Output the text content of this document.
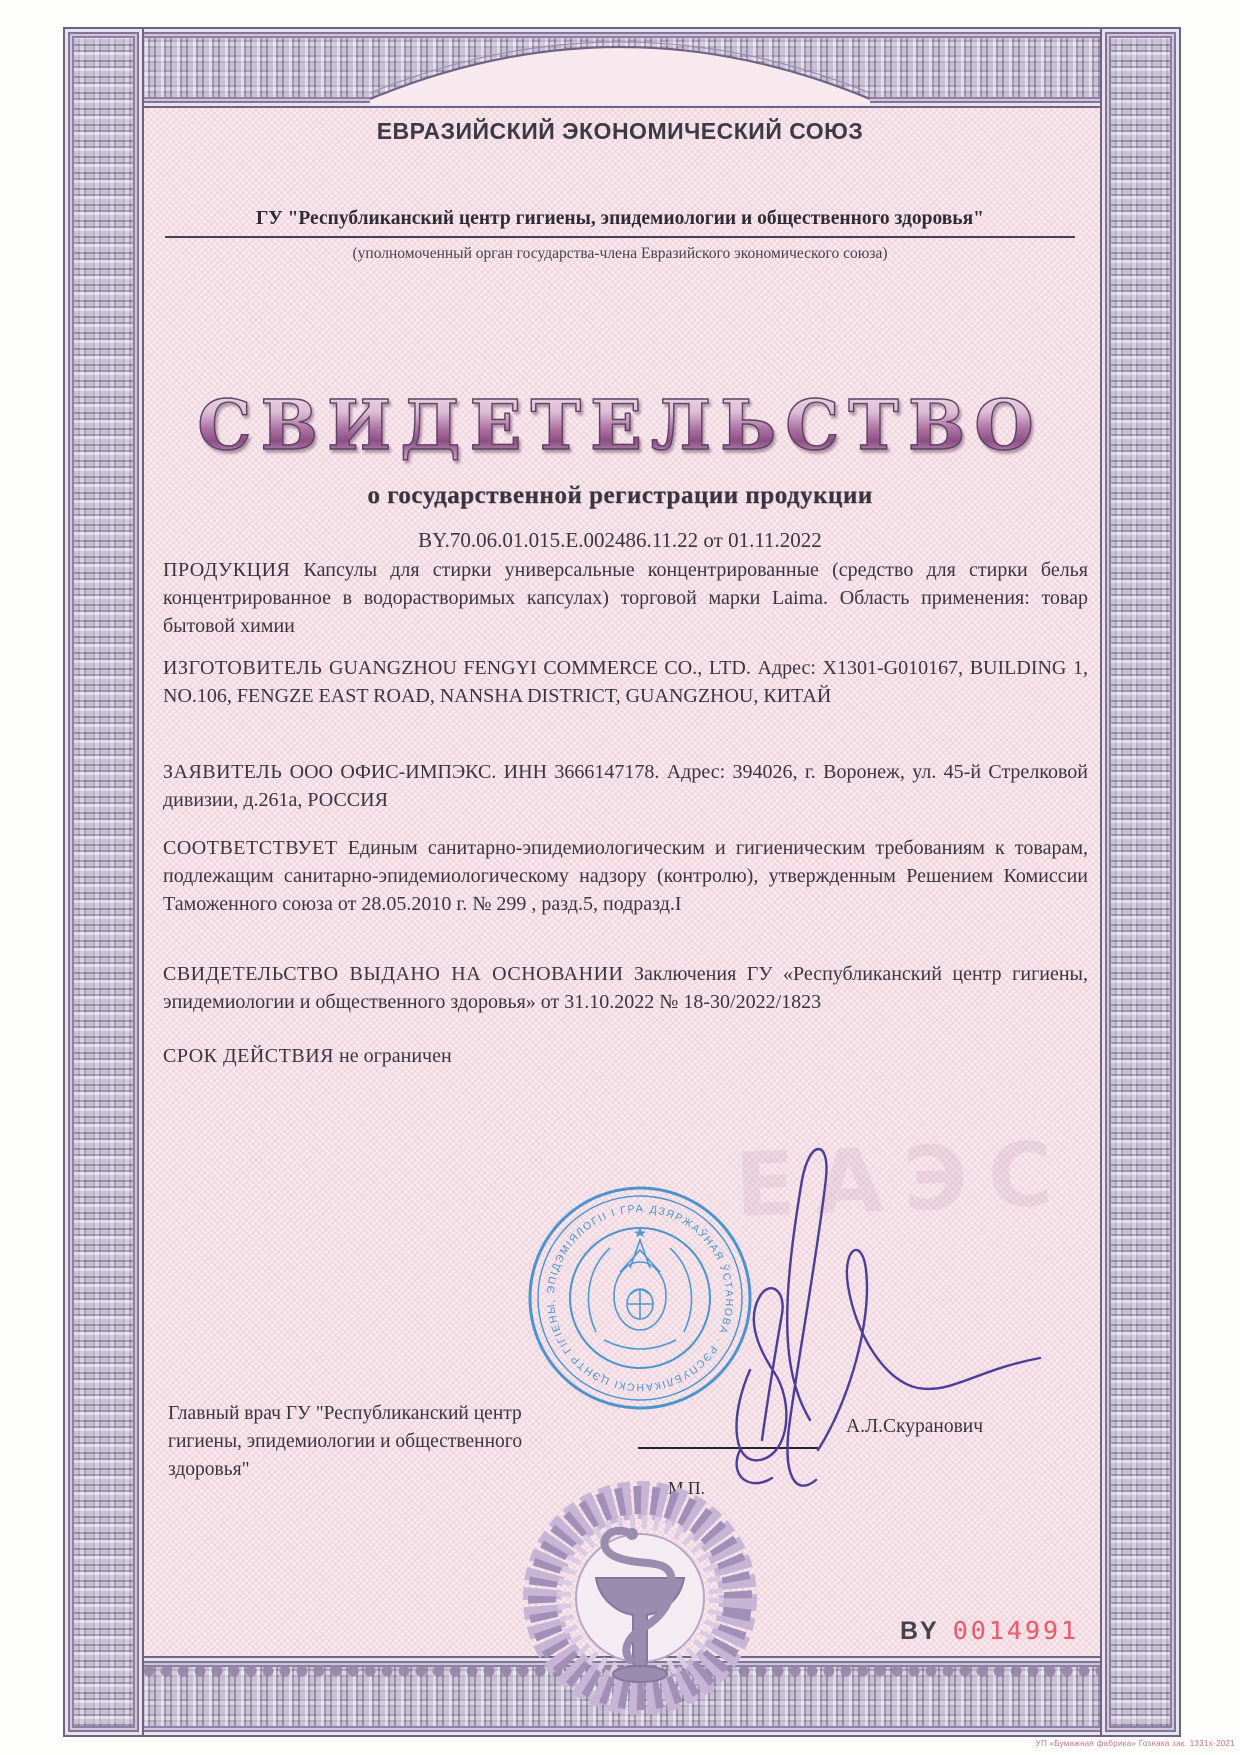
ЕВРАЗИЙСКИЙ ЭКОНОМИЧЕСКИЙ СОЮЗ
ГУ "Республиканский центр гигиены, эпидемиологии и общественного здоровья"
(уполномоченный орган государства-члена Евразийского экономического союза)
СВИДЕТЕЛЬСТВО
о государственной регистрации продукции
BY.70.06.01.015.E.002486.11.22 от 01.11.2022

ПРОДУКЦИЯ Капсулы для стирки универсальные концентрированные (средство для стирки белья концентрированное в водорастворимых капсулах) торговой марки Laima. Область применения: товар бытовой химии

ИЗГОТОВИТЕЛЬ GUANGZHOU FENGYI COMMERCE CO., LTD. Адрес: X1301-G010167, BUILDING 1, NO.106, FENGZE EAST ROAD, NANSHA DISTRICT, GUANGZHOU, КИТАЙ

ЗАЯВИТЕЛЬ ООО ОФИС-ИМПЭКС. ИНН 3666147178. Адрес: 394026, г. Воронеж, ул. 45-й Стрелковой дивизии, д.261а, РОССИЯ

СООТВЕТСТВУЕТ Единым санитарно-эпидемиологическим и гигиеническим требованиям к товарам, подлежащим санитарно-эпидемиологическому надзору (контролю), утвержденным Решением Комиссии Таможенного союза от 28.05.2010 г. № 299 , разд.5, подразд.I

СВИДЕТЕЛЬСТВО ВЫДАНО НА ОСНОВАНИИ Заключения ГУ «Республиканский центр гигиены, эпидемиологии и общественного здоровья» от 31.10.2022 № 18-30/2022/1823

СРОК ДЕЙСТВИЯ не ограничен

ЕАЭС
· ДЗЯРЖАЎНАЯ ЎСТАНОВА · РЭСПУБЛІКАНСКІ ЦЭНТР ГІГІЕНЫ, ЭПІДЭМІЯЛОГІІ І ГРАМАДСКАГА ЗДАРОЎЯ
Главный врач ГУ "Республиканский центр гигиены, эпидемиологии и общественного здоровья"
М.П.
А.Л.Скуранович
BY 0014991
УП «Бумажная фабрика» Гознака зак. 1331х-2021
